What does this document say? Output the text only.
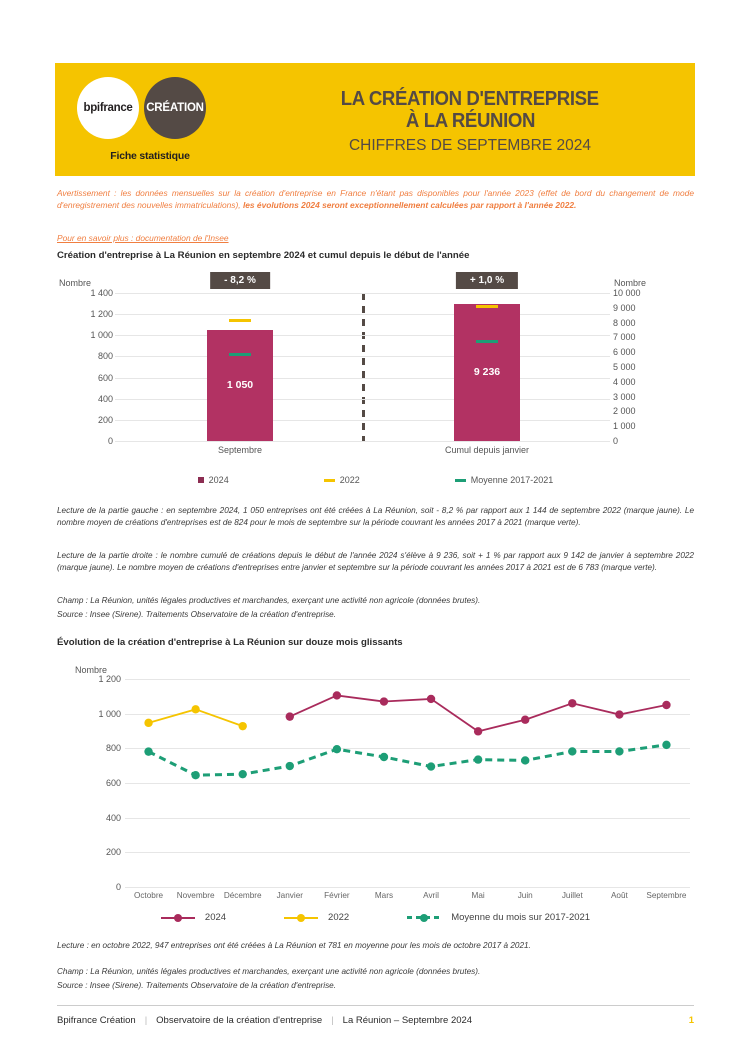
bpifrance CRÉATION
Fiche statistique
LA CRÉATION D'ENTREPRISE
À LA RÉUNION
CHIFFRES DE SEPTEMBRE 2024
Avertissement : les données mensuelles sur la création d'entreprise en France n'étant pas disponibles pour l'année 2023 (effet de bord du changement de mode d'enregistrement des nouvelles immatriculations), les évolutions 2024 seront exceptionnellement calculées par rapport à l'année 2022.
Pour en savoir plus : documentation de l'Insee
Création d'entreprise à La Réunion en septembre 2024 et cumul depuis le début de l'année
Nombre	Nombre
0
200
400
600
800
1 000
1 200
1 400
0
1 000
2 000
3 000
4 000
5 000
6 000
7 000
8 000
9 000
10 000
1 050
- 8,2 %
Septembre
9 236
+ 1,0 %
Cumul depuis janvier
2024	2022	Moyenne 2017-2021
Lecture de la partie gauche : en septembre 2024, 1 050 entreprises ont été créées à La Réunion, soit - 8,2 % par rapport aux 1 144 de septembre 2022 (marque jaune). Le nombre moyen de créations d'entreprises est de 824 pour le mois de septembre sur la période couvrant les années 2017 à 2021 (marque verte).
Lecture de la partie droite : le nombre cumulé de créations depuis le début de l'année 2024 s'élève à 9 236, soit + 1 % par rapport aux 9 142 de janvier à septembre 2022 (marque jaune). Le nombre moyen de créations d'entreprises entre janvier et septembre sur la période couvrant les années 2017 à 2021 est de 6 783 (marque verte).
Champ : La Réunion, unités légales productives et marchandes, exerçant une activité non agricole (données brutes).
Source : Insee (Sirene). Traitements Observatoire de la création d'entreprise.
Évolution de la création d'entreprise à La Réunion sur douze mois glissants
Nombre
0
200
400
600
800
1 000
1 200
Octobre Novembre Décembre Janvier	Février	Mars	Avril	Mai	Juin	Juillet	Août Septembre
2024	2022	Moyenne du mois sur 2017-2021
Lecture : en octobre 2022, 947 entreprises ont été créées à La Réunion et 781 en moyenne pour les mois de octobre 2017 à 2021.
Champ : La Réunion, unités légales productives et marchandes, exerçant une activité non agricole (données brutes).
Source : Insee (Sirene). Traitements Observatoire de la création d'entreprise.
Bpifrance Création | Observatoire de la création d'entreprise | La Réunion – Septembre 2024	1
